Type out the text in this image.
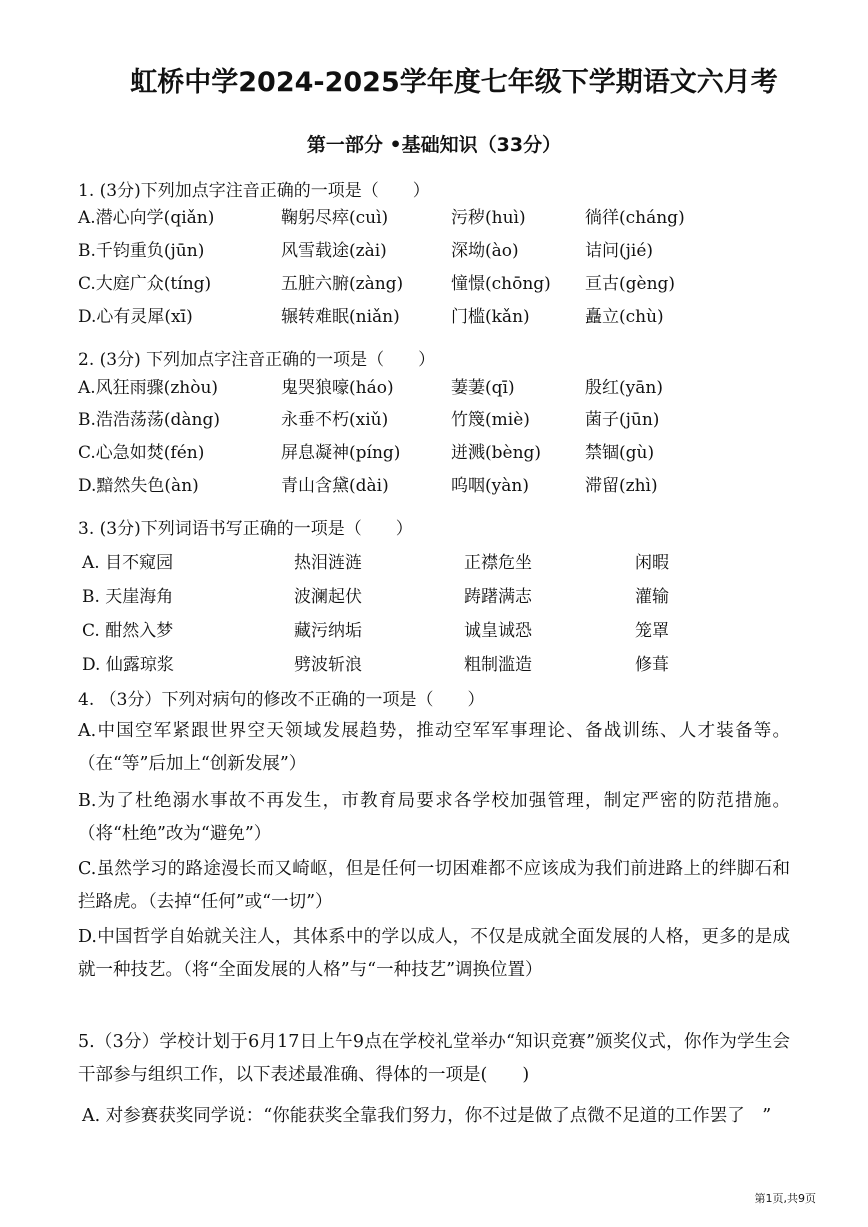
虹桥中学2024-2025学年度七年级下学期语文六月考
第一部分 •基础知识（33分）
1. (3分)下列加点字注音正确的一项是（　　）
A.潜心向学(qiǎn)	鞠躬尽瘁(cuì)	污秽(huì)	徜徉(cháng)
B.千钧重负(jūn)	风雪载途(zài)	深坳(ào)	诘问(jié)
C.大庭广众(tíng)	五脏六腑(zàng)	憧憬(chōng) 亘古(gèng)
D.心有灵犀(xī)	辗转难眠(niǎn)	门槛(kǎn)	矗立(chù)
2. (3分) 下列加点字注音正确的一项是（　　）
A.风狂雨骤(zhòu)	鬼哭狼嚎(háo)	萋萋(qī)	殷红(yān)
B.浩浩荡荡(dàng)	永垂不朽(xiǔ)	竹篾(miè)	菌子(jūn)
C.心急如焚(fén)	屏息凝神(píng)	迸溅(bèng)	禁锢(gù)
D.黯然失色(àn)	青山含黛(dài)	呜咽(yàn)	滞留(zhì)
3. (3分)下列词语书写正确的一项是（　　）
A. 目不窥园	热泪涟涟	正襟危坐	闲暇
B. 天崖海角	波澜起伏	踌躇满志	灌输
C. 酣然入梦	藏污纳垢	诚皇诚恐	笼罩
D. 仙露琼浆	劈波斩浪	粗制滥造	修葺
4. （3分）下列对病句的修改不正确的一项是（　　）
A.中国空军紧跟世界空天领域发展趋势，推动空军军事理论、备战训练、人才装备等。（在“等”后加上“创新发展”）
B.为了杜绝溺水事故不再发生，市教育局要求各学校加强管理，制定严密的防范措施。（将“杜绝”改为“避免”）
C.虽然学习的路途漫长而又崎岖，但是任何一切困难都不应该成为我们前进路上的绊脚石和拦路虎。（去掉“任何”或“一切”）
D.中国哲学自始就关注人，其体系中的学以成人，不仅是成就全面发展的人格，更多的是成就一种技艺。（将“全面发展的人格”与“一种技艺”调换位置）
5.（3分）学校计划于6月17日上午9点在学校礼堂举办“知识竞赛”颁奖仪式，你作为学生会干部参与组织工作，以下表述最准确、得体的一项是(　　)
A. 对参赛获奖同学说：“你能获奖全靠我们努力，你不过是做了点微不足道的工作罢了　”
第1页,共9页
